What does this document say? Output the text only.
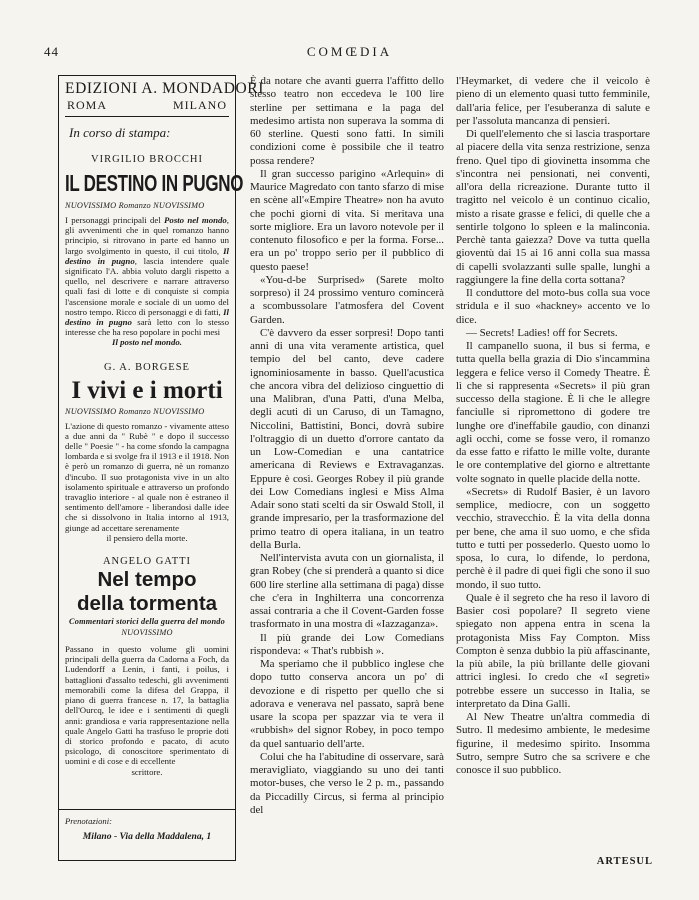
44	COMŒDIA
EDIZIONI A. MONDADORI
ROMA	MILANO
In corso di stampa:
VIRGILIO BROCCHI
IL DESTINO IN PUGNO
NUOVISSIMO Romanzo NUOVISSIMO
I personaggi principali del Posto nel mondo, gli avvenimenti che in quel romanzo hanno principio, si ritrovano in parte ed hanno un largo svolgimento in questo, il cui titolo, Il destino in pugno, lascia intendere quale significato l'A. abbia voluto dargli rispetto a quello, nel descrivere e narrare attraverso quali fasi di lotte e di conquiste si compia l'ascensione morale e sociale di un uomo del nostro tempo. Ricco di personaggi e di fatti, Il destino in pugno sarà letto con lo stesso interesse che ha reso popolare in pochi mesi
Il posto nel mondo.
G. A. BORGESE
I vivi e i morti
NUOVISSIMO Romanzo NUOVISSIMO
L'azione di questo romanzo - vivamente atteso a due anni da " Rubè " e dopo il successo delle " Poesie " - ha come sfondo la campagna lombarda e si svolge fra il 1913 e il 1918. Non è però un romanzo di guerra, nè un romanzo d'incubo. Il suo protagonista vive in un alto isolamento spirituale e attraverso un profondo travaglio interiore - al quale non è estraneo il sentimento dell'amore - liberandosi dalle idee che si dissolvono in Italia intorno al 1913, giunge ad accettare serenamente
il pensiero della morte.
ANGELO GATTI
Nel tempo
della tormenta
Commentari storici della guerra del mondo
NUOVISSIMO
Passano in questo volume gli uomini principali della guerra da Cadorna a Foch, da Ludendorff a Lenin, i fanti, i poilus, i battaglioni d'assalto tedeschi, gli avvenimenti memorabili come la difesa del Grappa, il piano di guerra francese n. 17, la battaglia dell'Ourcq, le idee e i sentimenti di quegli anni: grandiosa e varia rappresentazione nella quale Angelo Gatti ha trasfuso le proprie doti di storico profondo e pacato, di acuto psicologo, di conoscitore sperimentato di uomini e di cose e di eccellente
scrittore.
Prenotazioni:
Milano - Via della Maddalena, 1

È da notare che avanti guerra l'affitto dello stesso teatro non eccedeva le 100 lire sterline per settimana e la paga del medesimo artista non superava la somma di 60 sterline. Questi sono fatti. In simili condizioni come è possibile che il teatro possa rendere?

Il gran successo parigino «Arlequin» di Maurice Magredato con tanto sfarzo di mise en scène all'«Empire Theatre» non ha avuto che pochi giorni di vita. Si meritava una sorte migliore. Era un lavoro notevole per il contenuto filosofico e per la forma. Forse... era un po' troppo serio per il pubblico di questo paese!

«You-d-be Surprised» (Sarete molto sorpreso) il 24 prossimo venturo comincerà a scombussolare l'atmosfera del Covent Garden.

C'è davvero da esser sorpresi! Dopo tanti anni di una vita veramente artistica, quel tempio del bel canto, deve cadere ignominiosamente in basso. Quell'acustica che ancora vibra del delizioso cinguettio di una Malibran, d'una Patti, d'una Melba, degli acuti di un Caruso, di un Tamagno, Niccolini, Battistini, Bonci, dovrà subire l'oltraggio di un duetto d'orrore cantato da un Low-Comedian e una cantatrice americana di Reviews e Extravaganzas. Eppure è così. Georges Robey il più grande dei Low Comedians inglesi e Miss Alma Adair sono stati scelti da sir Oswald Stoll, il grande impresario, per la trasformazione del primo teatro di opera italiana, in un teatro della Burla.

Nell'intervista avuta con un giornalista, il gran Robey (che si prenderà a quanto si dice 600 lire sterline alla settimana di paga) disse che c'era in Inghilterra una concorrenza assai contraria a che il Covent-Garden fosse trasformato in una mostra di «Iazzaganza».

Il più grande dei Low Comedians rispondeva: « That's rubbish ».

Ma speriamo che il pubblico inglese che dopo tutto conserva ancora un po' di devozione e di rispetto per quello che si adorava e venerava nel passato, saprà bene usare la scopa per spazzar via te vera il «rubbish» del signor Robey, in poco tempo da quel santuario dell'arte.

Colui che ha l'abitudine di osservare, sarà meravigliato, viaggiando su uno dei tanti motor-buses, che verso le 2 p. m., passando da Piccadilly Circus, si ferma al principio del

l'Heymarket, di vedere che il veicolo è pieno di un elemento quasi tutto femminile, dall'aria felice, per l'esuberanza di salute e per l'assoluta mancanza di pensieri.

Di quell'elemento che si lascia trasportare al piacere della vita senza restrizione, senza freno. Quel tipo di giovinetta insomma che s'incontra nei pensionati, nei conventi, all'ora della ricreazione. Durante tutto il tragitto nel veicolo è un continuo cicalio, misto a risate grasse e felici, di quelle che a sentirle tolgono lo spleen e la malinconia. Perchè tanta gaiezza? Dove va tutta quella gioventù dai 15 ai 16 anni colla sua massa di capelli svolazzanti sulle spalle, lunghi a raggiungere la fine della corta sottana?

Il conduttore del moto-bus colla sua voce stridula e il suo «hackney» accento ve lo dice.

— Secrets! Ladies! off for Secrets.

Il campanello suona, il bus si ferma, e tutta quella bella grazia di Dio s'incammina leggera e felice verso il Comedy Theatre. È lì che si rappresenta «Secrets» il più gran successo della stagione. È lì che le allegre fanciulle si ripromettono di godere tre lunghe ore d'ineffabile gaudio, con dinanzi agli occhi, come se fosse vero, il romanzo da esse fatto e rifatto le mille volte, durante le ore contemplative del giorno e altrettante volte sognato in quelle placide della notte.

«Secrets» di Rudolf Basier, è un lavoro semplice, mediocre, con un soggetto vecchio, stravecchio. È la vita della donna per bene, che ama il suo uomo, e che sfida tutto e tutti per possederlo. Questo uomo lo sposa, lo cura, lo difende, lo perdona, perchè è il padre di quei figli che sono il suo mondo, il suo tutto.

Quale è il segreto che ha reso il lavoro di Basier così popolare? Il segreto viene spiegato non appena entra in scena la protagonista Miss Fay Compton. Miss Compton è senza dubbio la più affascinante, la più abile, la più brillante delle giovani attrici inglesi. Io credo che «I segreti» potrebbe essere un successo in Italia, se interpretato da Dina Galli.

Al New Theatre un'altra commedia di Sutro. Il medesimo ambiente, le medesime figurine, il medesimo spirito. Insomma Sutro, sempre Sutro che sa scrivere e che conosce il suo pubblico.

ARTESUL
